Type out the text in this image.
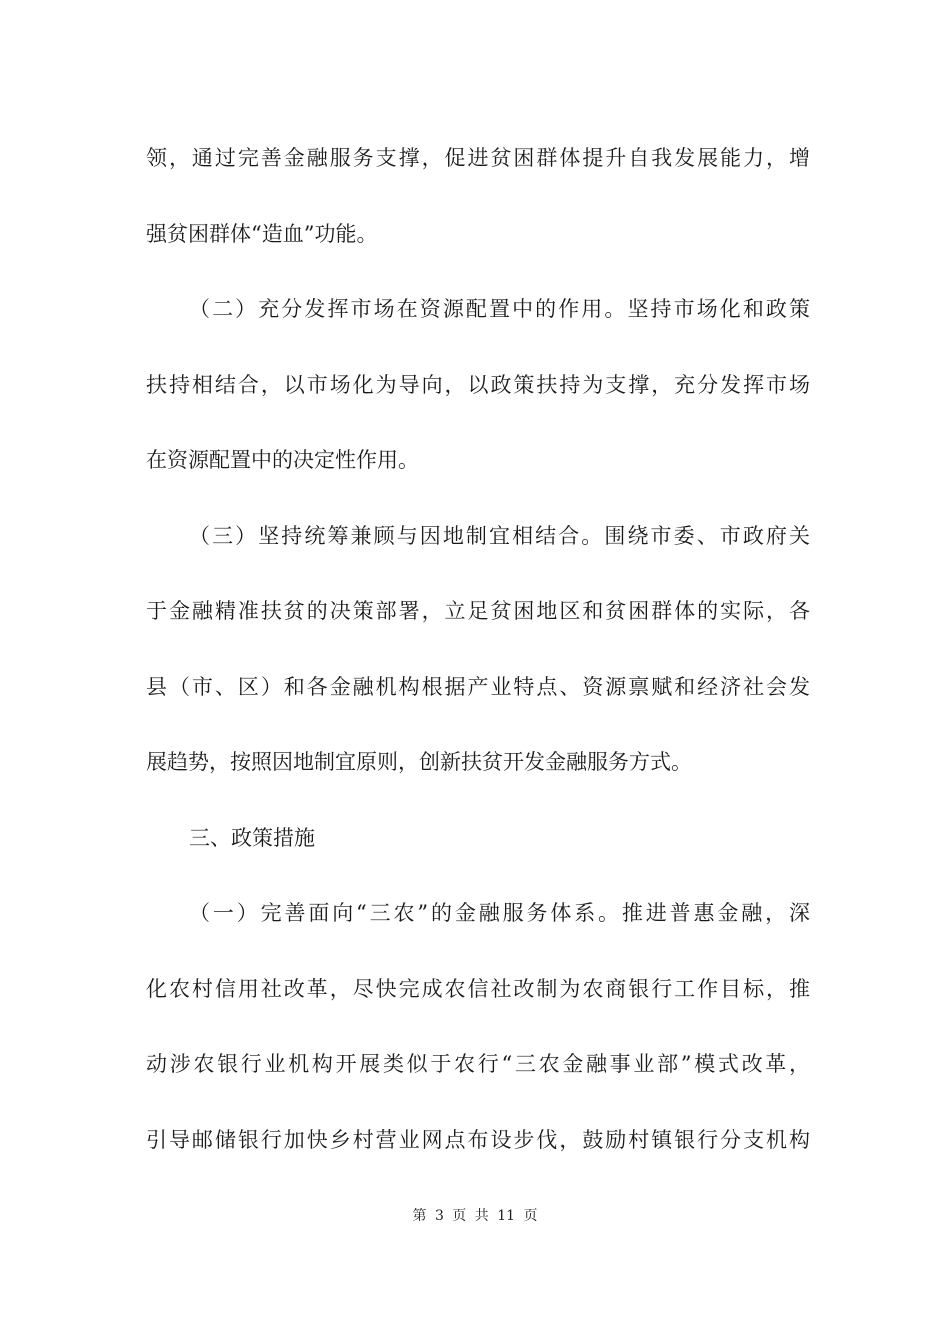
领，通过完善金融服务支撑，促进贫困群体提升自我发展能力，增
强贫困群体“造血”功能。
（二）充分发挥市场在资源配置中的作用。坚持市场化和政策
扶持相结合，以市场化为导向，以政策扶持为支撑，充分发挥市场
在资源配置中的决定性作用。
（三）坚持统筹兼顾与因地制宜相结合。围绕市委、市政府关
于金融精准扶贫的决策部署，立足贫困地区和贫困群体的实际，各
县（市、区）和各金融机构根据产业特点、资源禀赋和经济社会发
展趋势，按照因地制宜原则，创新扶贫开发金融服务方式。
三、政策措施
（一）完善面向“三农”的金融服务体系。推进普惠金融，深
化农村信用社改革，尽快完成农信社改制为农商银行工作目标，推
动涉农银行业机构开展类似于农行“三农金融事业部”模式改革，
引导邮储银行加快乡村营业网点布设步伐，鼓励村镇银行分支机构
第 3 页 共 11 页
